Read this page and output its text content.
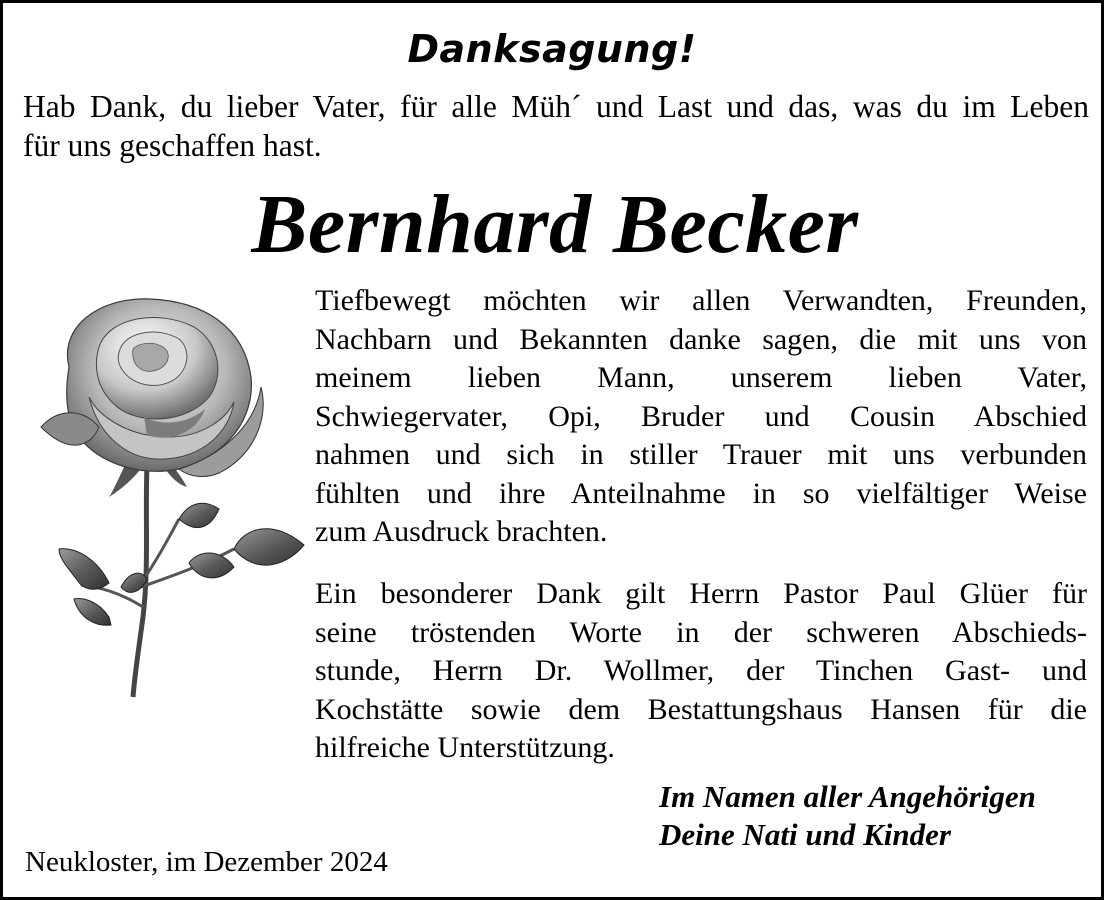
Danksagung!
Hab Dank, du lieber Vater, für alle Müh´ und Last und das, was du im Leben
für uns geschaffen hast.
Bernhard Becker
Tiefbewegt möchten wir allen Verwandten, Freunden,
Nachbarn und Bekannten danke sagen, die mit uns von
meinem lieben Mann, unserem lieben Vater,
Schwiegervater, Opi, Bruder und Cousin Abschied
nahmen und sich in stiller Trauer mit uns verbunden
fühlten und ihre Anteilnahme in so vielfältiger Weise
zum Ausdruck brachten.
Ein besonderer Dank gilt Herrn Pastor Paul Glüer für
seine tröstenden Worte in der schweren Abschieds-
stunde, Herrn Dr. Wollmer, der Tinchen Gast- und
Kochstätte sowie dem Bestattungshaus Hansen für die
hilfreiche Unterstützung.
Im Namen aller Angehörigen
Deine Nati und Kinder
Neukloster, im Dezember 2024
